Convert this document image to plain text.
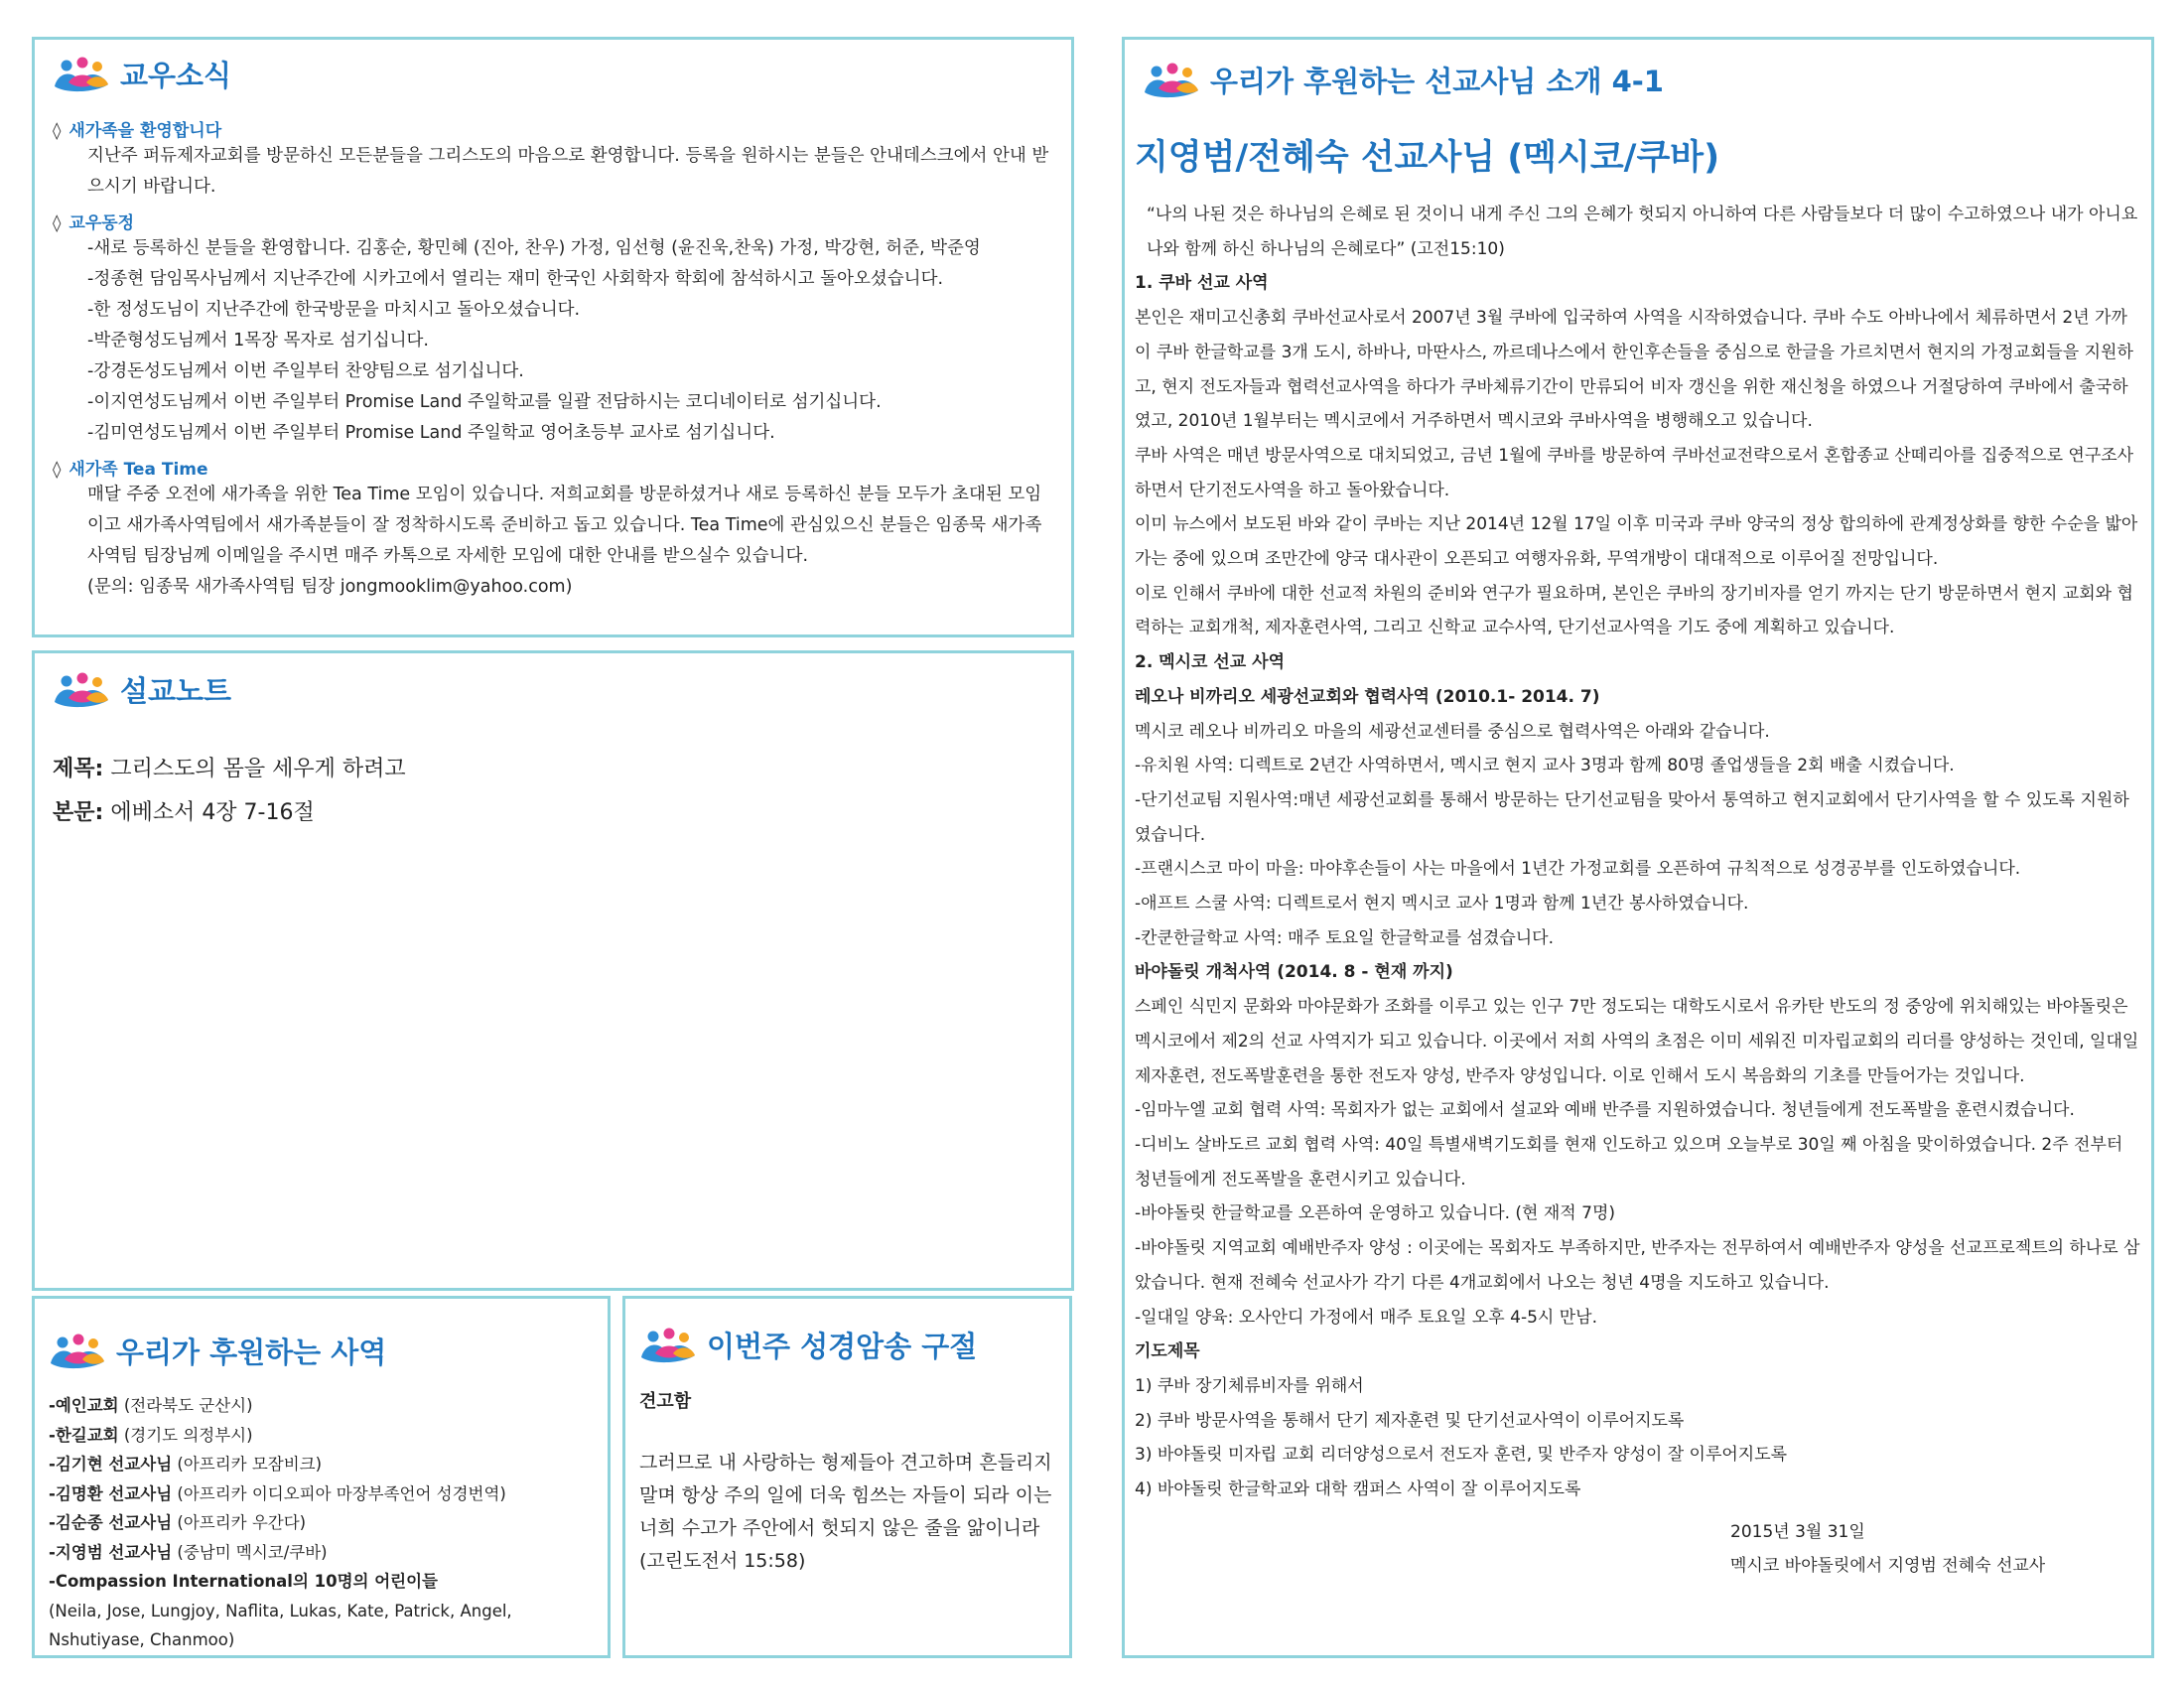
교우소식
◊ 새가족을 환영합니다
지난주 퍼듀제자교회를 방문하신 모든분들을 그리스도의 마음으로 환영합니다. 등록을 원하시는 분들은 안내데스크에서 안내 받으시기 바랍니다.
◊ 교우동정
-새로 등록하신 분들을 환영합니다. 김홍순, 황민혜 (진아, 찬우) 가정, 임선형 (윤진욱,찬욱) 가정, 박강현, 허준, 박준영
-정종현 담임목사님께서 지난주간에 시카고에서 열리는 재미 한국인 사회학자 학회에 참석하시고 돌아오셨습니다.
-한 정성도님이 지난주간에 한국방문을 마치시고 돌아오셨습니다.
-박준형성도님께서 1목장 목자로 섬기십니다.
-강경돈성도님께서 이번 주일부터 찬양팀으로 섬기십니다.
-이지연성도님께서 이번 주일부터 Promise Land 주일학교를 일괄 전담하시는 코디네이터로 섬기십니다.
-김미연성도님께서 이번 주일부터 Promise Land 주일학교 영어초등부 교사로 섬기십니다.
◊ 새가족 Tea Time
매달 주중 오전에 새가족을 위한 Tea Time 모임이 있습니다. 저희교회를 방문하셨거나 새로 등록하신 분들 모두가 초대된 모임이고 새가족사역팀에서 새가족분들이 잘 정착하시도록 준비하고 돕고 있습니다. Tea Time에 관심있으신 분들은 임종묵 새가족사역팀 팀장님께 이메일을 주시면 매주 카톡으로 자세한 모임에 대한 안내를 받으실수 있습니다.
(문의: 임종묵 새가족사역팀 팀장 jongmooklim@yahoo.com)
설교노트
제목: 그리스도의 몸을 세우게 하려고
본문: 에베소서 4장 7-16절
우리가 후원하는 사역
-예인교회 (전라북도 군산시)
-한길교회 (경기도 의정부시)
-김기현 선교사님 (아프리카 모잠비크)
-김명환 선교사님 (아프리카 이디오피아 마장부족언어 성경번역)
-김순종 선교사님 (아프리카 우간다)
-지영범 선교사님 (중남미 멕시코/쿠바)
-Compassion International의 10명의 어린이들
(Neila, Jose, Lungjoy, Naflita, Lukas, Kate, Patrick, Angel, Nshutiyase, Chanmoo)
이번주 성경암송 구절
견고함
그러므로 내 사랑하는 형제들아 견고하며 흔들리지 말며 항상 주의 일에 더욱 힘쓰는 자들이 되라 이는 너희 수고가 주안에서 헛되지 않은 줄을 앎이니라
(고린도전서 15:58)
우리가 후원하는 선교사님 소개 4-1
지영범/전혜숙 선교사님 (멕시코/쿠바)
“나의 나된 것은 하나님의 은혜로 된 것이니 내게 주신 그의 은혜가 헛되지 아니하여 다른 사람들보다 더 많이 수고하였으나 내가 아니요 나와 함께 하신 하나님의 은혜로다” (고전15:10)
1. 쿠바 선교 사역
본인은 재미고신총회 쿠바선교사로서 2007년 3월 쿠바에 입국하여 사역을 시작하였습니다. 쿠바 수도 아바나에서 체류하면서 2년 가까이 쿠바 한글학교를 3개 도시, 하바나, 마딴사스, 까르데나스에서 한인후손들을 중심으로 한글을 가르치면서 현지의 가정교회들을 지원하고, 현지 전도자들과 협력선교사역을 하다가 쿠바체류기간이 만류되어 비자 갱신을 위한 재신청을 하였으나 거절당하여 쿠바에서 출국하였고, 2010년 1월부터는 멕시코에서 거주하면서 멕시코와 쿠바사역을 병행해오고 있습니다.
쿠바 사역은 매년 방문사역으로 대치되었고, 금년 1월에 쿠바를 방문하여 쿠바선교전략으로서 혼합종교 산떼리아를 집중적으로 연구조사하면서 단기전도사역을 하고 돌아왔습니다.
이미 뉴스에서 보도된 바와 같이 쿠바는 지난 2014년 12월 17일 이후 미국과 쿠바 양국의 정상 합의하에 관계정상화를 향한 수순을 밟아가는 중에 있으며 조만간에 양국 대사관이 오픈되고 여행자유화, 무역개방이 대대적으로 이루어질 전망입니다.
이로 인해서 쿠바에 대한 선교적 차원의 준비와 연구가 필요하며, 본인은 쿠바의 장기비자를 얻기 까지는 단기 방문하면서 현지 교회와 협력하는 교회개척, 제자훈련사역, 그리고 신학교 교수사역, 단기선교사역을 기도 중에 계획하고 있습니다.
2. 멕시코 선교 사역
레오나 비까리오 세광선교회와 협력사역 (2010.1- 2014. 7)
멕시코 레오나 비까리오 마을의 세광선교센터를 중심으로 협력사역은 아래와 같습니다.
-유치원 사역: 디렉트로 2년간 사역하면서, 멕시코 현지 교사 3명과 함께 80명 졸업생들을 2회 배출 시켰습니다.
-단기선교팀 지원사역:매년 세광선교회를 통해서 방문하는 단기선교팀을 맞아서 통역하고 현지교회에서 단기사역을 할 수 있도록 지원하였습니다.
-프랜시스코 마이 마을: 마야후손들이 사는 마을에서 1년간 가정교회를 오픈하여 규칙적으로 성경공부를 인도하였습니다.
-애프트 스쿨 사역: 디렉트로서 현지 멕시코 교사 1명과 함께 1년간 봉사하였습니다.
-칸쿤한글학교 사역: 매주 토요일 한글학교를 섬겼습니다.
바야돌릿 개척사역 (2014. 8 - 현재 까지)
스페인 식민지 문화와 마야문화가 조화를 이루고 있는 인구 7만 정도되는 대학도시로서 유카탄 반도의 정 중앙에 위치해있는 바야돌릿은 멕시코에서 제2의 선교 사역지가 되고 있습니다. 이곳에서 저희 사역의 초점은 이미 세워진 미자립교회의 리더를 양성하는 것인데, 일대일 제자훈련, 전도폭발훈련을 통한 전도자 양성, 반주자 양성입니다. 이로 인해서 도시 복음화의 기초를 만들어가는 것입니다.
-임마누엘 교회 협력 사역: 목회자가 없는 교회에서 설교와 예배 반주를 지원하였습니다. 청년들에게 전도폭발을 훈련시켰습니다.
-디비노 살바도르 교회 협력 사역: 40일 특별새벽기도회를 현재 인도하고 있으며 오늘부로 30일 째 아침을 맞이하였습니다. 2주 전부터 청년들에게 전도폭발을 훈련시키고 있습니다.
-바야돌릿 한글학교를 오픈하여 운영하고 있습니다. (현 재적 7명)
-바야돌릿 지역교회 예배반주자 양성 : 이곳에는 목회자도 부족하지만, 반주자는 전무하여서 예배반주자 양성을 선교프로젝트의 하나로 삼았습니다. 현재 전혜숙 선교사가 각기 다른 4개교회에서 나오는 청년 4명을 지도하고 있습니다.
-일대일 양육: 오사안디 가정에서 매주 토요일 오후 4-5시 만남.
기도제목
1) 쿠바 장기체류비자를 위해서
2) 쿠바 방문사역을 통해서 단기 제자훈련 및 단기선교사역이 이루어지도록
3) 바야돌릿 미자립 교회 리더양성으로서 전도자 훈련, 및 반주자 양성이 잘 이루어지도록
4) 바야돌릿 한글학교와 대학 캠퍼스 사역이 잘 이루어지도록
2015년 3월 31일
멕시코 바야돌릿에서 지영범 전혜숙 선교사
